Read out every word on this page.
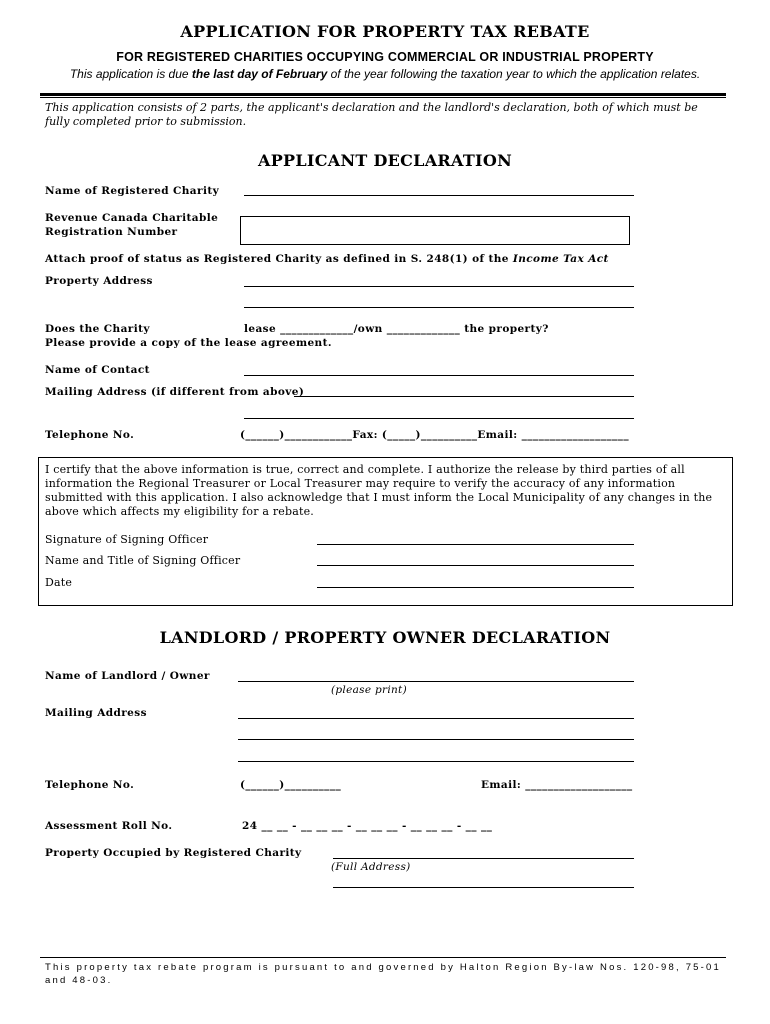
APPLICATION FOR PROPERTY TAX REBATE
FOR REGISTERED CHARITIES OCCUPYING COMMERCIAL OR INDUSTRIAL PROPERTY
This application is due the last day of February of the year following the taxation year to which the application relates.
This application consists of 2 parts, the applicant's declaration and the landlord's declaration, both of which must be fully completed prior to submission.
APPLICANT DECLARATION
Name of Registered Charity
Revenue Canada Charitable
Registration Number
Attach proof of status as Registered Charity as defined in S. 248(1) of the Income Tax Act
Property Address
Does the Charity	lease _____________/own _____________ the property?
Please provide a copy of the lease agreement.
Name of Contact
Mailing Address (if different from above)
Telephone No.	(______)____________Fax: (_____)__________Email: ___________________
I certify that the above information is true, correct and complete. I authorize the release by third parties of all information the Regional Treasurer or Local Treasurer may require to verify the accuracy of any information submitted with this application. I also acknowledge that I must inform the Local Municipality of any changes in the above which affects my eligibility for a rebate.
Signature of Signing Officer
Name and Title of Signing Officer
Date
LANDLORD / PROPERTY OWNER DECLARATION
Name of Landlord / Owner
(please print)
Mailing Address
Telephone No.	(______)__________	Email: ___________________
Assessment Roll No.	24 __ __ - __ __ __ - __ __ __ - __ __ __ - __ __
Property Occupied by Registered Charity
(Full Address)
This property tax rebate program is pursuant to and governed by Halton Region By-law Nos. 120-98, 75-01 and 48-03.
